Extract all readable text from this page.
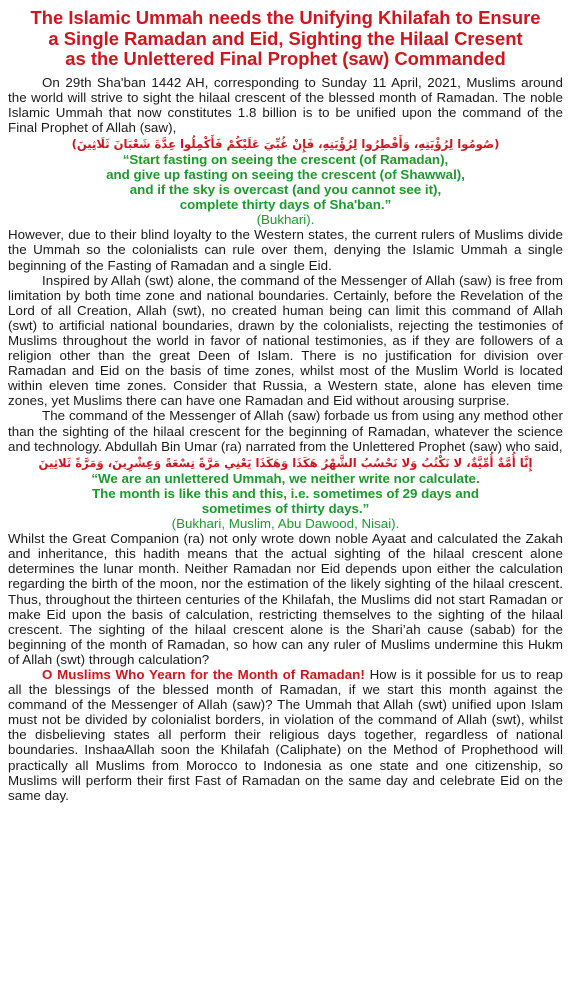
The Islamic Ummah needs the Unifying Khilafah to Ensure
a Single Ramadan and Eid, Sighting the Hilaal Cresent
as the Unlettered Final Prophet (saw) Commanded

On 29th Sha'ban 1442 AH, corresponding to Sunday 11 April, 2021, Muslims around the world will strive to sight the hilaal crescent of the blessed month of Ramadan. The noble Islamic Ummah that now constitutes 1.8 billion is to be unified upon the command of the Final Prophet of Allah (saw),

(صُومُوا لِرُؤْيَتِهِ، وَأَفْطِرُوا لِرُؤْيَتِهِ، فَإِنْ غُبِّيَ عَلَيْكُمْ فَأَكْمِلُوا عِدَّةَ شَعْبَانَ ثَلَاثِينَ)

“Start fasting on seeing the crescent (of Ramadan),
and give up fasting on seeing the crescent (of Shawwal),
and if the sky is overcast (and you cannot see it),
complete thirty days of Sha'ban.”
(Bukhari).

However, due to their blind loyalty to the Western states, the current rulers of Muslims divide the Ummah so the colonialists can rule over them, denying the Islamic Ummah a single beginning of the Fasting of Ramadan and a single Eid.

Inspired by Allah (swt) alone, the command of the Messenger of Allah (saw) is free from limitation by both time zone and national boundaries. Certainly, before the Revelation of the Lord of all Creation, Allah (swt), no created human being can limit this command of Allah (swt) to artificial national boundaries, drawn by the colonialists, rejecting the testimonies of Muslims throughout the world in favor of national testimonies, as if they are followers of a religion other than the great Deen of Islam. There is no justification for division over Ramadan and Eid on the basis of time zones, whilst most of the Muslim World is located within eleven time zones. Consider that Russia, a Western state, alone has eleven time zones, yet Muslims there can have one Ramadan and Eid without arousing surprise.

The command of the Messenger of Allah (saw) forbade us from using any method other than the sighting of the hilaal crescent for the beginning of Ramadan, whatever the science and technology. Abdullah Bin Umar (ra) narrated from the Unlettered Prophet (saw) who said,

إِنَّا أُمَّةٌ أُمِّيَّةٌ، لا نَكْتُبُ وَلا نَحْسُبُ الشَّهْرُ هَكَذَا وَهَكَذَا يَعْنِي مَرَّةً تِسْعَةً وَعِشْرِينَ، وَمَرَّةً ثَلاثِينَ

“We are an unlettered Ummah, we neither write nor calculate.
The month is like this and this, i.e. sometimes of 29 days and
sometimes of thirty days.”
(Bukhari, Muslim, Abu Dawood, Nisai).

Whilst the Great Companion (ra) not only wrote down noble Ayaat and calculated the Zakah and inheritance, this hadith means that the actual sighting of the hilaal crescent alone determines the lunar month. Neither Ramadan nor Eid depends upon either the calculation regarding the birth of the moon, nor the estimation of the likely sighting of the hilaal crescent. Thus, throughout the thirteen centuries of the Khilafah, the Muslims did not start Ramadan or make Eid upon the basis of calculation, restricting themselves to the sighting of the hilaal crescent. The sighting of the hilaal crescent alone is the Shari’ah cause (sabab) for the beginning of the month of Ramadan, so how can any ruler of Muslims undermine this Hukm of Allah (swt) through calculation?

O Muslims Who Yearn for the Month of Ramadan! How is it possible for us to reap all the blessings of the blessed month of Ramadan, if we start this month against the command of the Messenger of Allah (saw)? The Ummah that Allah (swt) unified upon Islam must not be divided by colonialist borders, in violation of the command of Allah (swt), whilst the disbelieving states all perform their religious days together, regardless of national boundaries. InshaaAllah soon the Khilafah (Caliphate) on the Method of Prophethood will practically all Muslims from Morocco to Indonesia as one state and one citizenship, so Muslims will perform their first Fast of Ramadan on the same day and celebrate Eid on the same day.
